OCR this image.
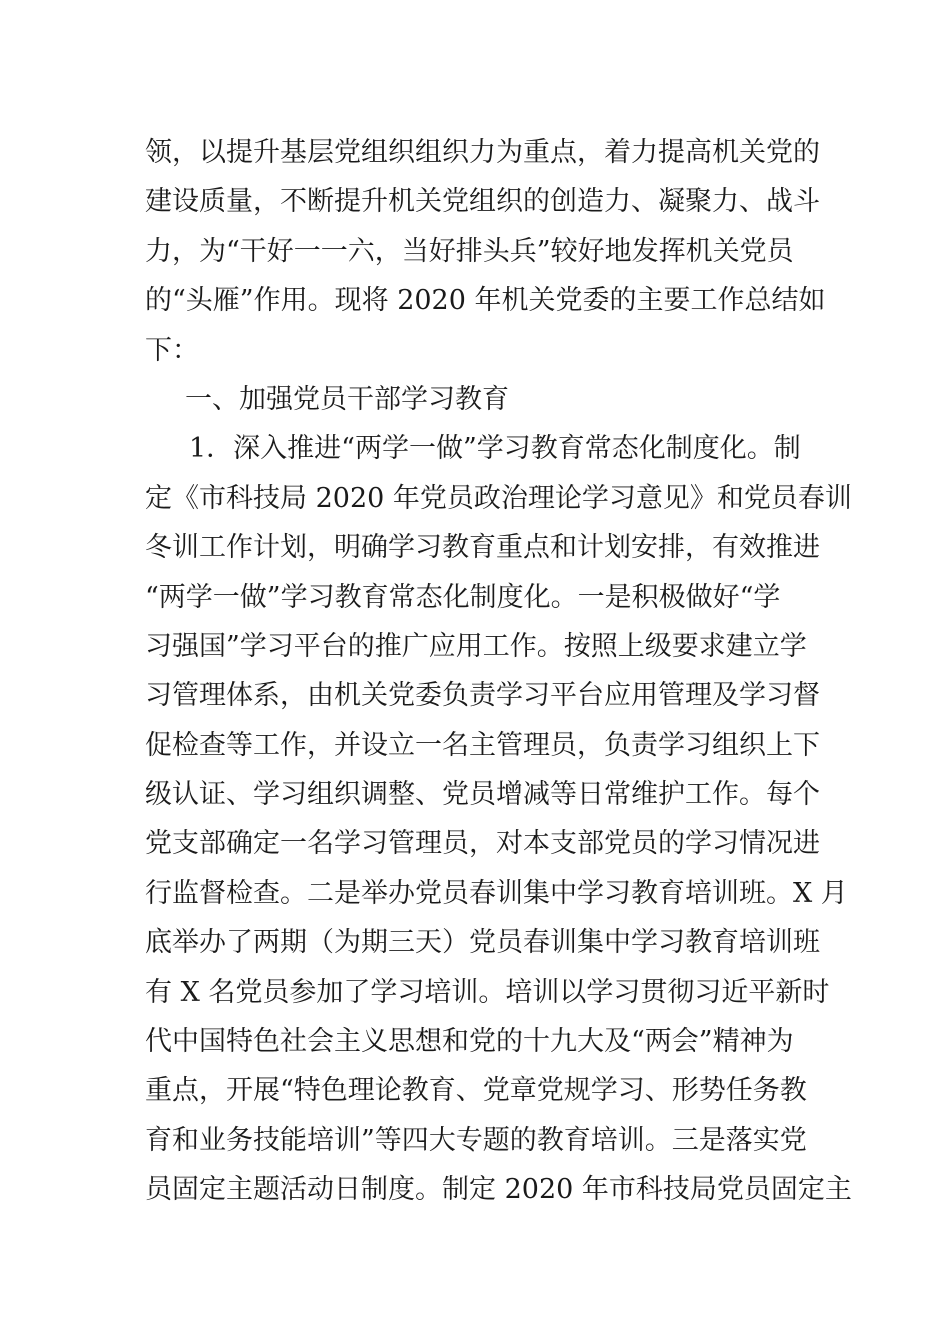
领，以提升基层党组织组织力为重点，着力提高机关党的
建设质量，不断提升机关党组织的创造力、凝聚力、战斗
力，为“干好一一六，当好排头兵”较好地发挥机关党员
的“头雁”作用。现将 2020 年机关党委的主要工作总结如
下：
一、加强党员干部学习教育
1．深入推进“两学一做”学习教育常态化制度化。制
定《市科技局 2020 年党员政治理论学习意见》和党员春训
冬训工作计划，明确学习教育重点和计划安排，有效推进
“两学一做”学习教育常态化制度化。一是积极做好“学
习强国”学习平台的推广应用工作。按照上级要求建立学
习管理体系，由机关党委负责学习平台应用管理及学习督
促检查等工作，并设立一名主管理员，负责学习组织上下
级认证、学习组织调整、党员增减等日常维护工作。每个
党支部确定一名学习管理员，对本支部党员的学习情况进
行监督检查。二是举办党员春训集中学习教育培训班。X 月
底举办了两期（为期三天）党员春训集中学习教育培训班
有 X 名党员参加了学习培训。培训以学习贯彻习近平新时
代中国特色社会主义思想和党的十九大及“两会”精神为
重点，开展“特色理论教育、党章党规学习、形势任务教
育和业务技能培训”等四大专题的教育培训。三是落实党
员固定主题活动日制度。制定 2020 年市科技局党员固定主
